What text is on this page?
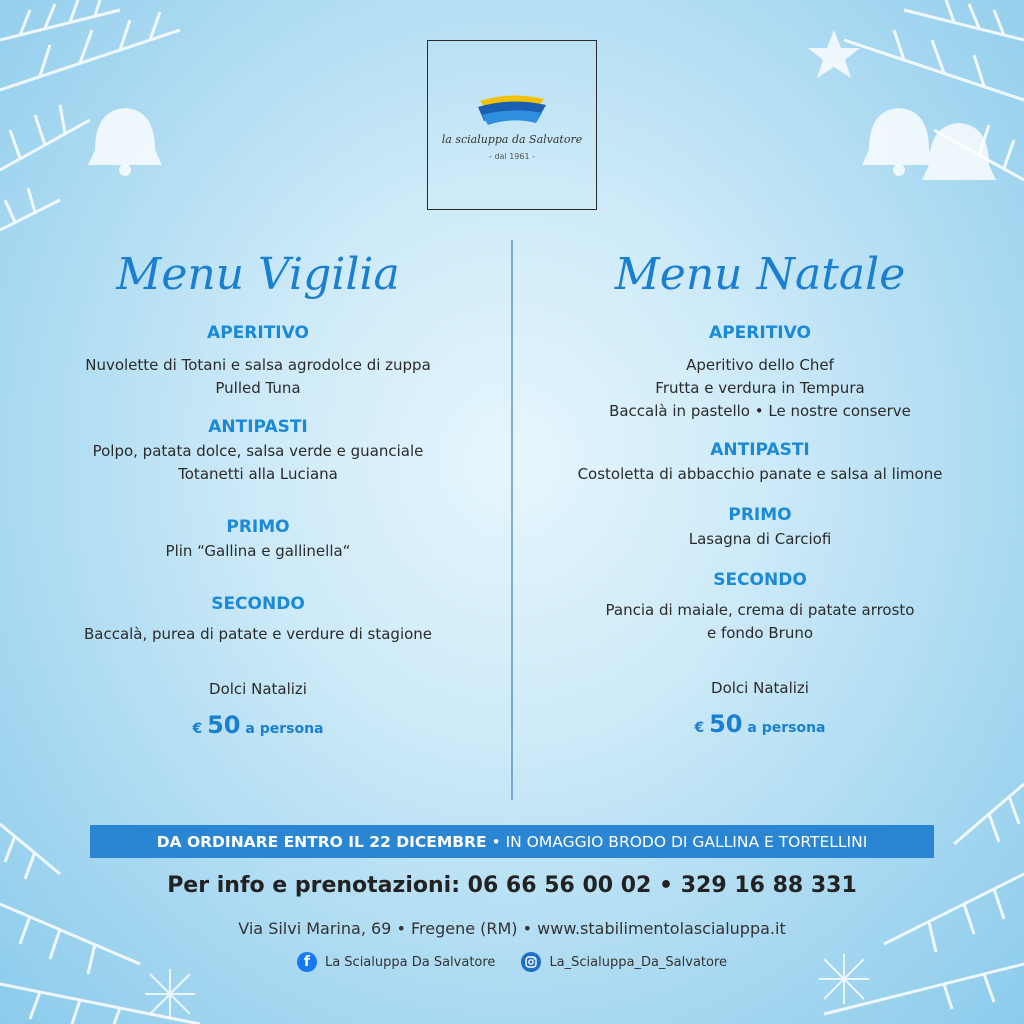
la scialuppa da Salvatore
- dal 1961 -
Menu Vigilia
APERITIVO
Nuvolette di Totani e salsa agrodolce di zuppa
Pulled Tuna
ANTIPASTI
Polpo, patata dolce, salsa verde e guanciale
Totanetti alla Luciana
PRIMO
Plin “Gallina e gallinella“
SECONDO
Baccalà, purea di patate e verdure di stagione
Dolci Natalizi
€ 50 a persona
Menu Natale
APERITIVO
Aperitivo dello Chef
Frutta e verdura in Tempura
Baccalà in pastello • Le nostre conserve
ANTIPASTI
Costoletta di abbacchio panate e salsa al limone
PRIMO
Lasagna di Carciofi
SECONDO
Pancia di maiale, crema di patate arrosto
e fondo Bruno
Dolci Natalizi
€ 50 a persona
DA ORDINARE ENTRO IL 22 DICEMBRE • IN OMAGGIO BRODO DI GALLINA E TORTELLINI
Per info e prenotazioni: 06 66 56 00 02 • 329 16 88 331
Via Silvi Marina, 69 • Fregene (RM) • www.stabilimentolascialuppa.it
f	La Scialuppa Da Salvatore	La_Scialuppa_Da_Salvatore
